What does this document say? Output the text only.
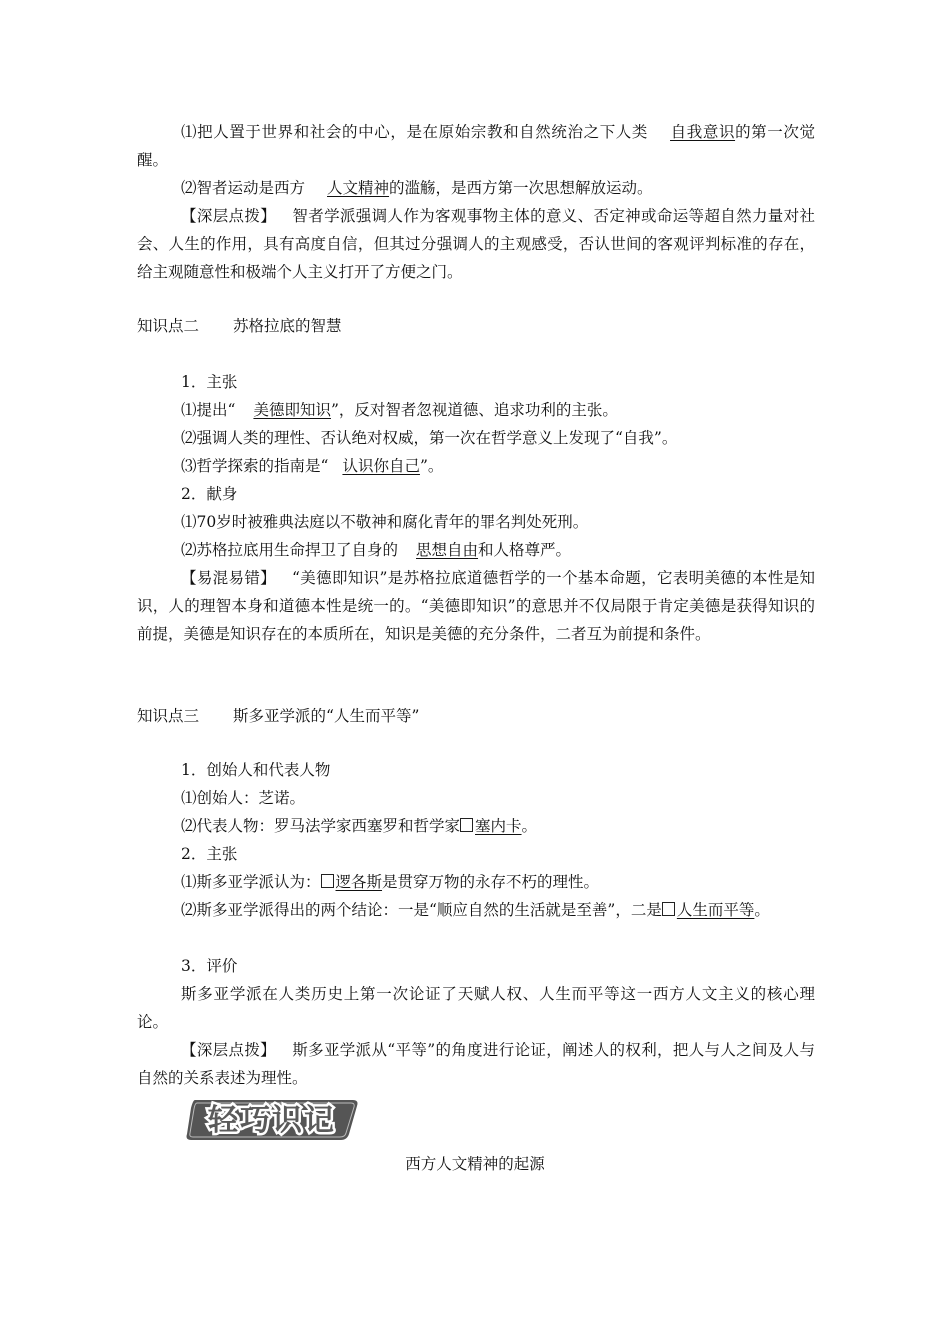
⑴把人置于世界和社会的中心，是在原始宗教和自然统治之下人类 自我意识的第一次觉醒。
⑵智者运动是西方 人文精神的滥觞，是西方第一次思想解放运动。
【深层点拨】 智者学派强调人作为客观事物主体的意义、否定神或命运等超自然力量对社会、人生的作用，具有高度自信，但其过分强调人的主观感受，否认世间的客观评判标准的存在，给主观随意性和极端个人主义打开了方便之门。
知识点二 苏格拉底的智慧
1．主张
⑴提出“ 美德即知识”，反对智者忽视道德、追求功利的主张。
⑵强调人类的理性、否认绝对权威，第一次在哲学意义上发现了“自我”。
⑶哲学探索的指南是“ 认识你自己”。
2．献身
⑴70岁时被雅典法庭以不敬神和腐化青年的罪名判处死刑。
⑵苏格拉底用生命捍卫了自身的 思想自由和人格尊严。
【易混易错】 “美德即知识”是苏格拉底道德哲学的一个基本命题，它表明美德的本性是知识，人的理智本身和道德本性是统一的。“美德即知识”的意思并不仅局限于肯定美德是获得知识的前提，美德是知识存在的本质所在，知识是美德的充分条件，二者互为前提和条件。
知识点三 斯多亚学派的“人生而平等”
1．创始人和代表人物
⑴创始人：芝诺。
⑵代表人物：罗马法学家西塞罗和哲学家 塞内卡。
2．主张
⑴斯多亚学派认为： 逻各斯是贯穿万物的永存不朽的理性。
⑵斯多亚学派得出的两个结论：一是“顺应自然的生活就是至善”，二是 人生而平等。
3．评价
斯多亚学派在人类历史上第一次论证了天赋人权、人生而平等这一西方人文主义的核心理论。
【深层点拨】 斯多亚学派从“平等”的角度进行论证，阐述人的权利，把人与人之间及人与自然的关系表述为理性。
轻巧识记
西方人文精神的起源
